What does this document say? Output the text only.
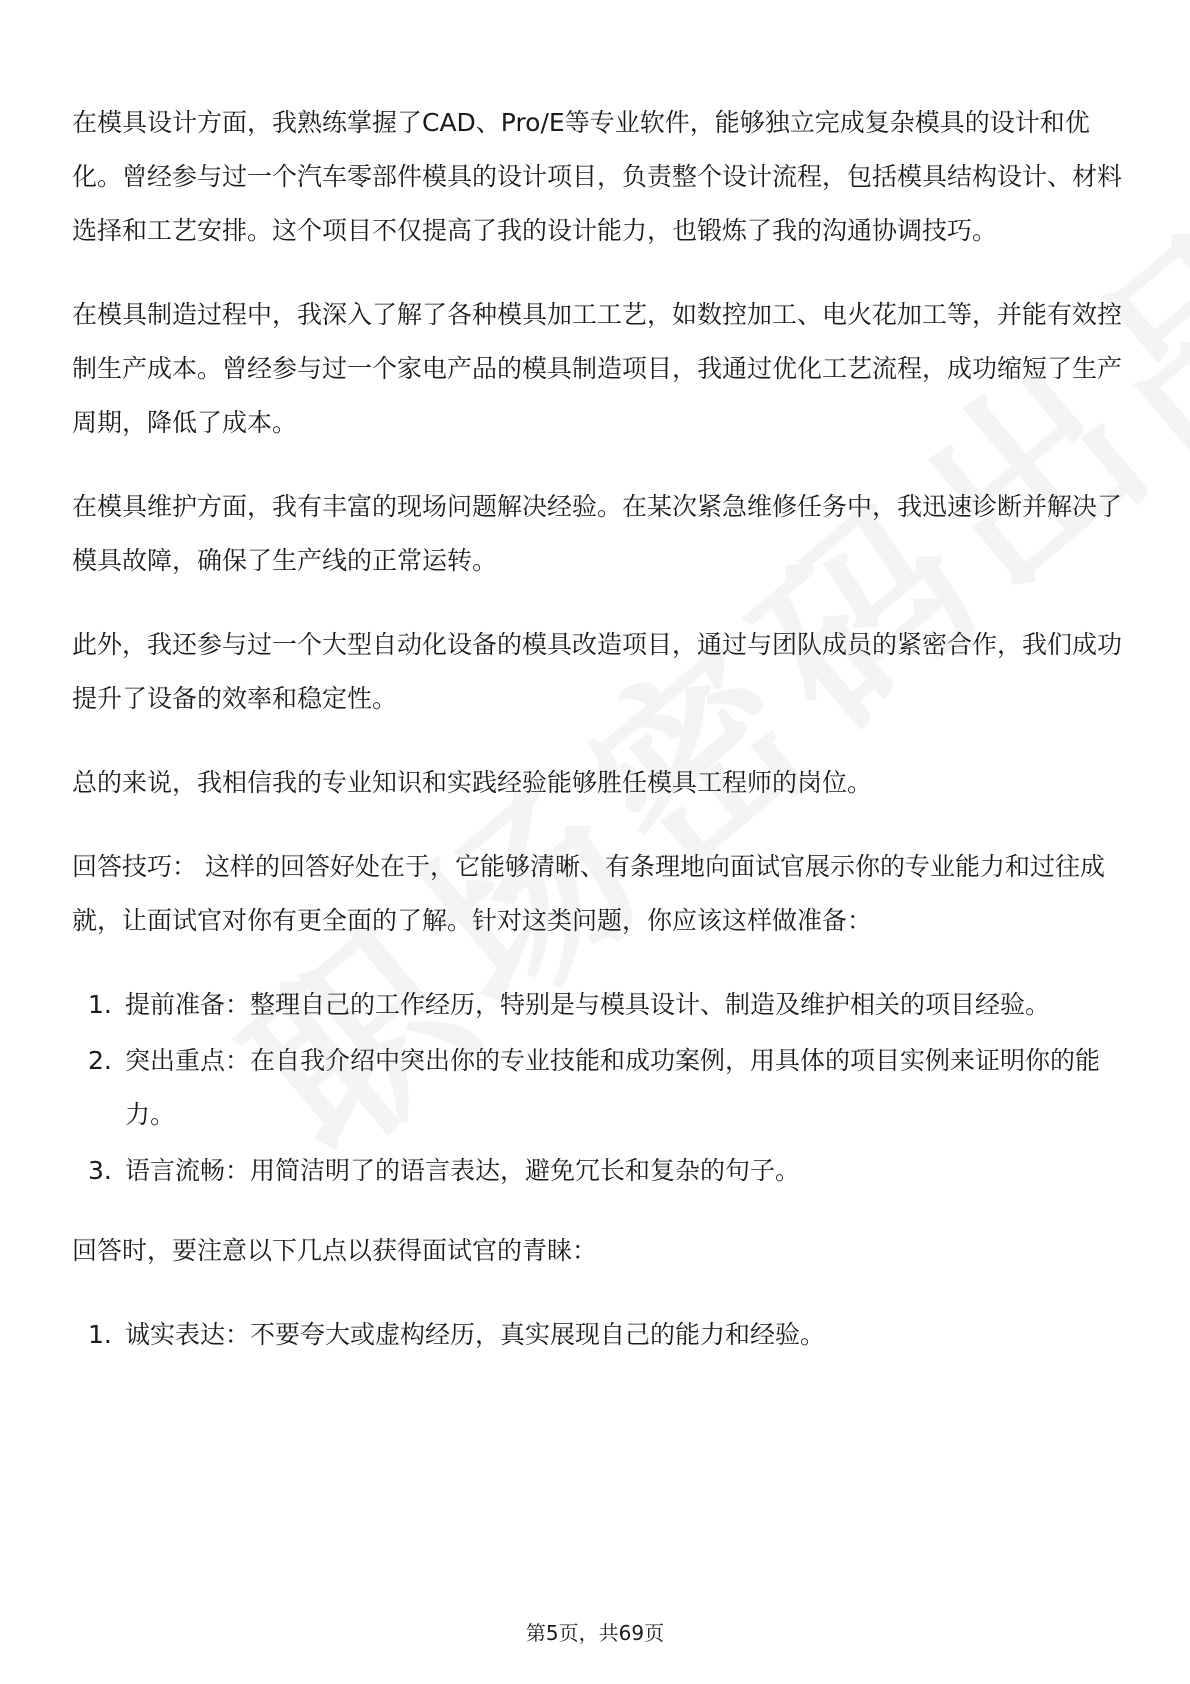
在模具设计方面，我熟练掌握了CAD、Pro/E等专业软件，能够独立完成复杂模具的设计和优化。曾经参与过一个汽车零部件模具的设计项目，负责整个设计流程，包括模具结构设计、材料选择和工艺安排。这个项目不仅提高了我的设计能力，也锻炼了我的沟通协调技巧。

在模具制造过程中，我深入了解了各种模具加工工艺，如数控加工、电火花加工等，并能有效控制生产成本。曾经参与过一个家电产品的模具制造项目，我通过优化工艺流程，成功缩短了生产周期，降低了成本。

在模具维护方面，我有丰富的现场问题解决经验。在某次紧急维修任务中，我迅速诊断并解决了模具故障，确保了生产线的正常运转。

此外，我还参与过一个大型自动化设备的模具改造项目，通过与团队成员的紧密合作，我们成功提升了设备的效率和稳定性。

总的来说，我相信我的专业知识和实践经验能够胜任模具工程师的岗位。

回答技巧： 这样的回答好处在于，它能够清晰、有条理地向面试官展示你的专业能力和过往成就，让面试官对你有更全面的了解。针对这类问题，你应该这样做准备：

1. 提前准备：整理自己的工作经历，特别是与模具设计、制造及维护相关的项目经验。
2. 突出重点：在自我介绍中突出你的专业技能和成功案例，用具体的项目实例来证明你的能力。
3. 语言流畅：用简洁明了的语言表达，避免冗长和复杂的句子。

回答时，要注意以下几点以获得面试官的青睐：

1. 诚实表达：不要夸大或虚构经历，真实展现自己的能力和经验。
第5页，共69页
